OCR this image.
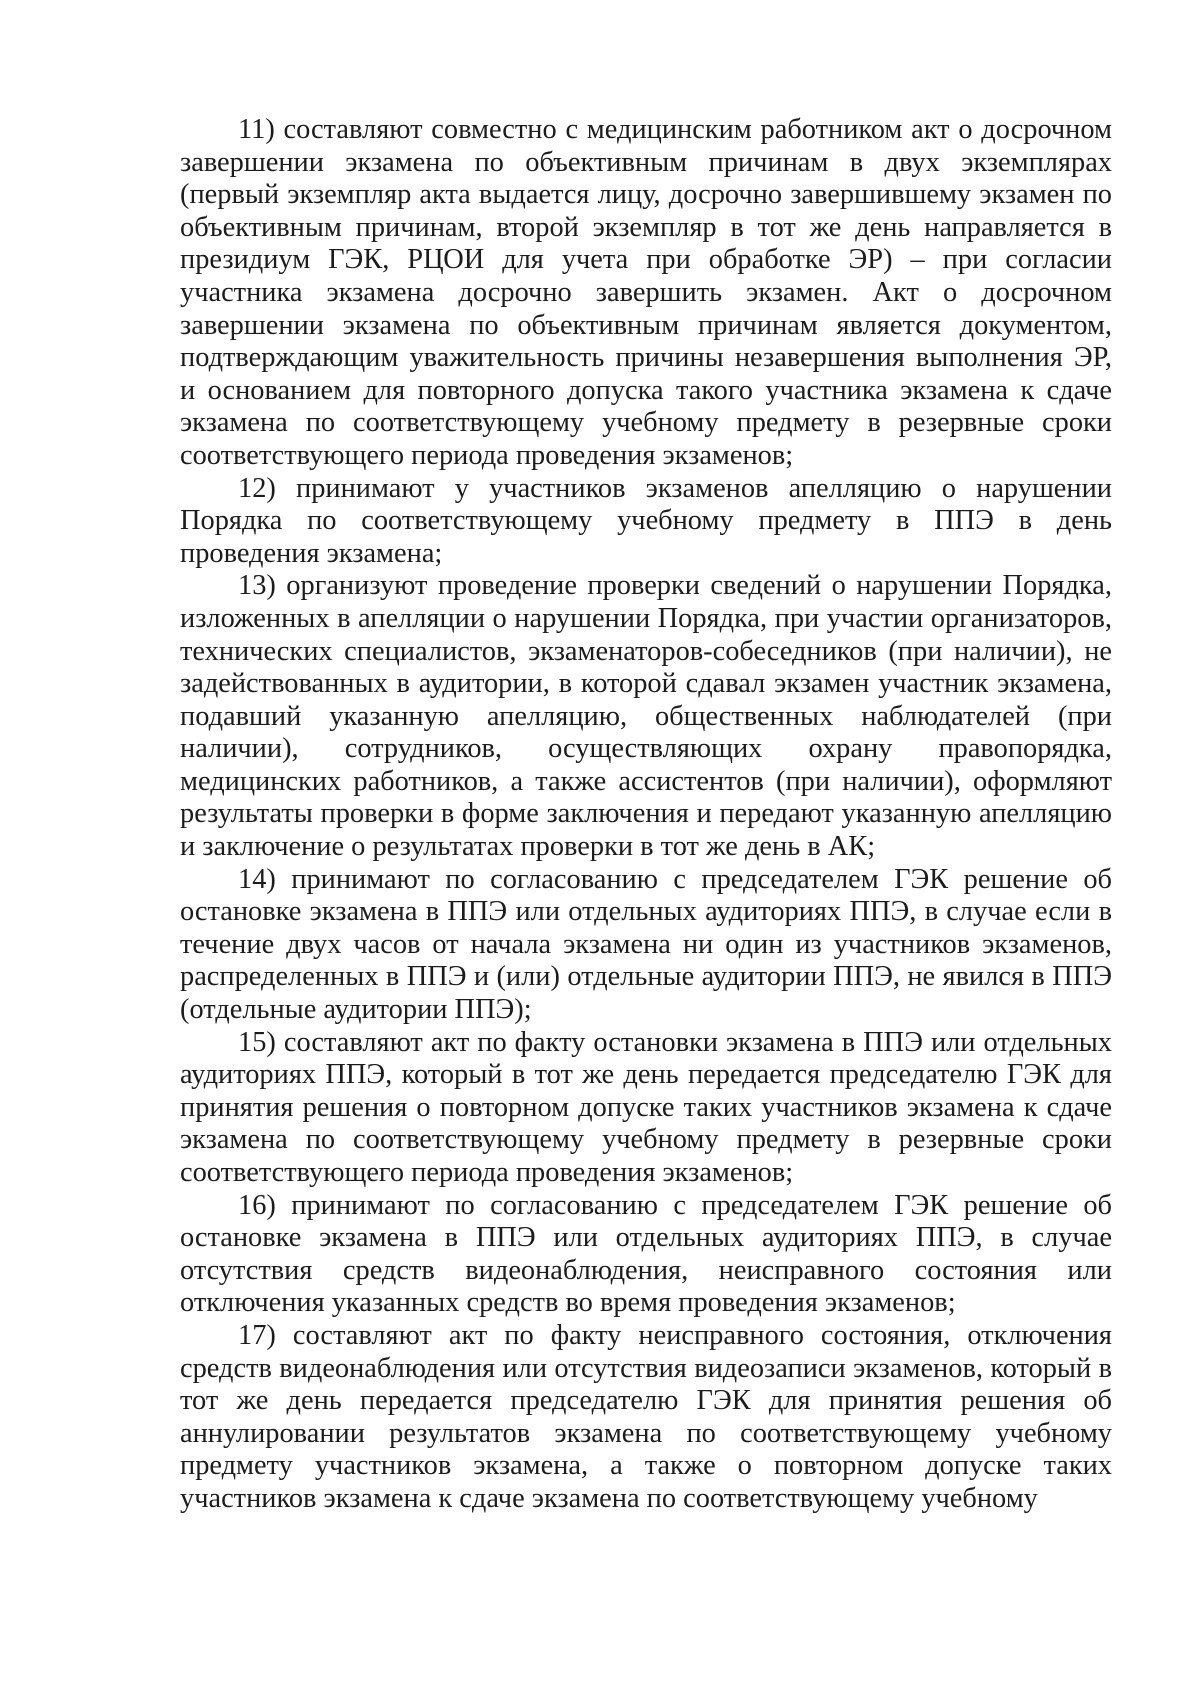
11) составляют совместно с медицинским работником акт о досрочном завершении экзамена по объективным причинам в двух экземплярах (первый экземпляр акта выдается лицу, досрочно завершившему экзамен по объективным причинам, второй экземпляр в тот же день направляется в президиум ГЭК, РЦОИ для учета при обработке ЭР) – при согласии участника экзамена досрочно завершить экзамен. Акт о досрочном завершении экзамена по объективным причинам является документом, подтверждающим уважительность причины незавершения выполнения ЭР, и основанием для повторного допуска такого участника экзамена к сдаче экзамена по соответствующему учебному предмету в резервные сроки соответствующего периода проведения экзаменов;

12) принимают у участников экзаменов апелляцию о нарушении Порядка по соответствующему учебному предмету в ППЭ в день проведения экзамена;

13) организуют проведение проверки сведений о нарушении Порядка, изложенных в апелляции о нарушении Порядка, при участии организаторов, технических специалистов, экзаменаторов-собеседников (при наличии), не задействованных в аудитории, в которой сдавал экзамен участник экзамена, подавший указанную апелляцию, общественных наблюдателей (при наличии), сотрудников, осуществляющих охрану правопорядка, медицинских работников, а также ассистентов (при наличии), оформляют результаты проверки в форме заключения и передают указанную апелляцию и заключение о результатах проверки в тот же день в АК;

14) принимают по согласованию с председателем ГЭК решение об остановке экзамена в ППЭ или отдельных аудиториях ППЭ, в случае если в течение двух часов от начала экзамена ни один из участников экзаменов, распределенных в ППЭ и (или) отдельные аудитории ППЭ, не явился в ППЭ (отдельные аудитории ППЭ);

15) составляют акт по факту остановки экзамена в ППЭ или отдельных аудиториях ППЭ, который в тот же день передается председателю ГЭК для принятия решения о повторном допуске таких участников экзамена к сдаче экзамена по соответствующему учебному предмету в резервные сроки соответствующего периода проведения экзаменов;

16) принимают по согласованию с председателем ГЭК решение об остановке экзамена в ППЭ или отдельных аудиториях ППЭ, в случае отсутствия средств видеонаблюдения, неисправного состояния или отключения указанных средств во время проведения экзаменов;

17) составляют акт по факту неисправного состояния, отключения средств видеонаблюдения или отсутствия видеозаписи экзаменов, который в тот же день передается председателю ГЭК для принятия решения об аннулировании результатов экзамена по соответствующему учебному предмету участников экзамена, а также о повторном допуске таких участников экзамена к сдаче экзамена по соответствующему учебному
